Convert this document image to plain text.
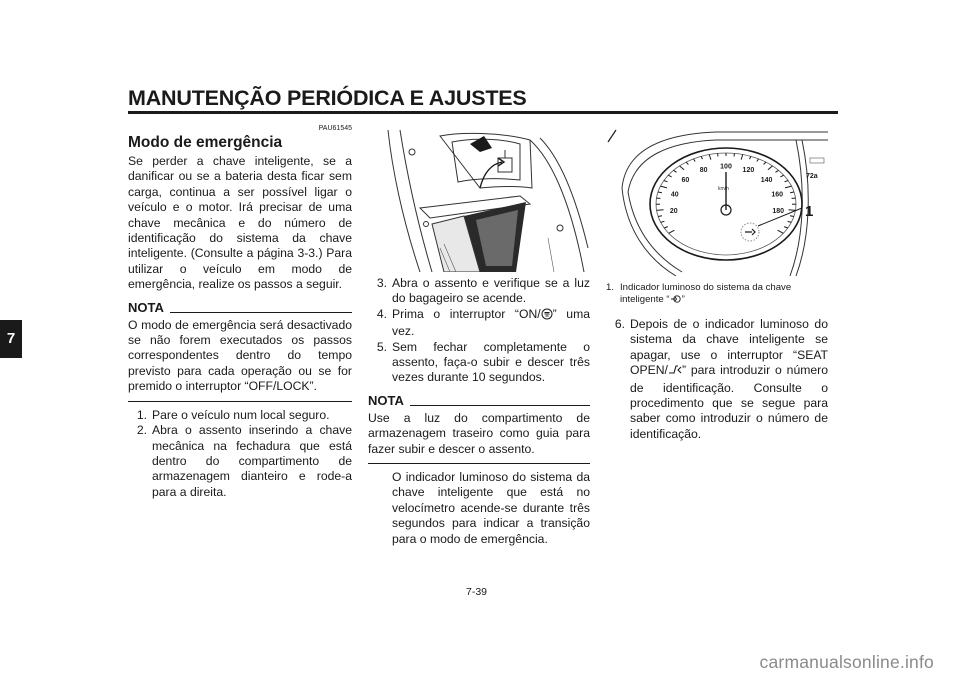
MANUTENÇÃO PERIÓDICA E AJUSTES
7
PAU61545
Modo de emergência
Se perder a chave inteligente, se a danificar ou se a bateria desta ficar sem carga, continua a ser possível ligar o veículo e o motor. Irá precisar de uma chave mecânica e do número de identificação do sistema da chave inteligente. (Consulte a página 3-3.) Para utilizar o veículo em modo de emergência, realize os passos a seguir.
NOTA
O modo de emergência será desactivado se não forem executados os passos correspondentes dentro do tempo previsto para cada operação ou se for premido o interruptor “OFF/LOCK”.
1. Pare o veículo num local seguro.
2. Abra o assento inserindo a chave mecânica na fechadura que está dentro do compartimento de armazenagem dianteiro e rode-a para a direita.
3. Abra o assento e verifique se a luz do bagageiro se acende.
4. Prima o interruptor “ON/ ” uma vez.
5. Sem fechar completamente o assento, faça-o subir e descer três vezes durante 10 segundos.
NOTA
Use a luz do compartimento de armazenagem traseiro como guia para fazer subir e descer o assento.
O indicador luminoso do sistema da chave inteligente que está no velocímetro acende-se durante três segundos para indicar a transição para o modo de emergência.
20
40
60
80
100
120
140
160
180
km/h
1
72a
1. Indicador luminoso do sistema da chave inteligente “ ”
6. Depois de o indicador luminoso do sistema da chave inteligente se apagar, use o interruptor “SEAT OPEN/ ” para introduzir o número de identificação. Consulte o procedimento que se segue para saber como introduzir o número de identificação.
7-39
carmanualsonline.info
